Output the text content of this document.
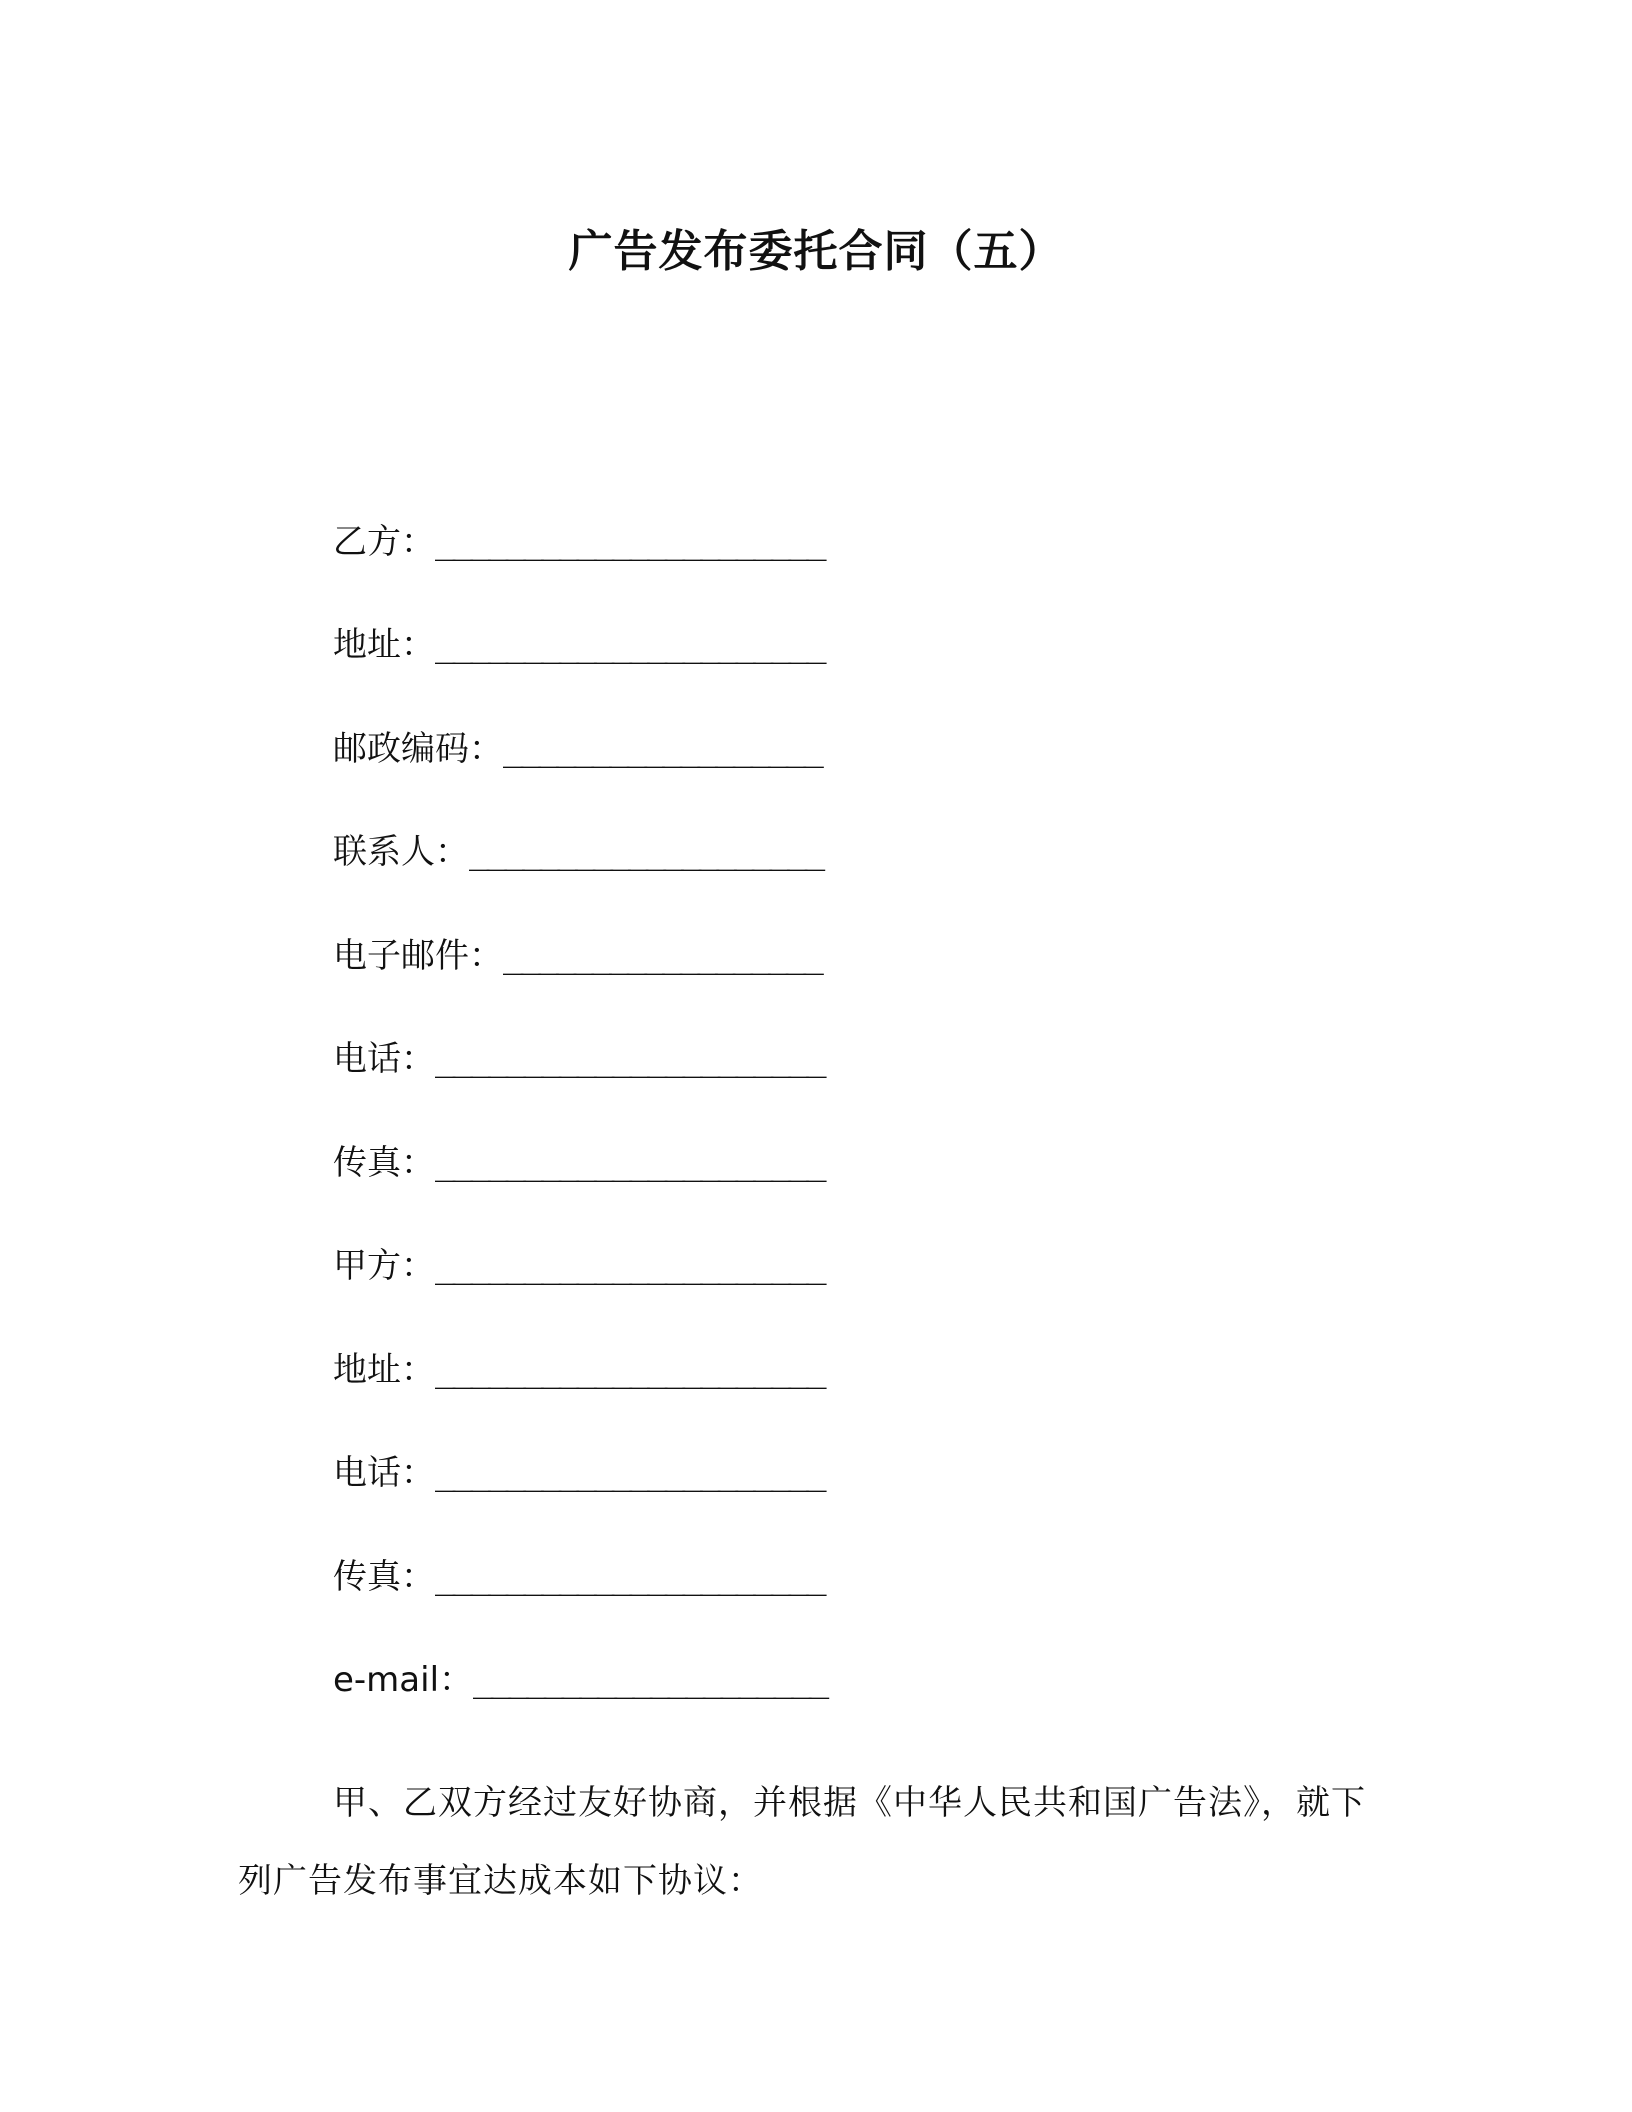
广告发布委托合同（五）
乙方： ______________________
地址： ______________________
邮政编码： __________________
联系人： ____________________
电子邮件： __________________
电话： ______________________
传真： ______________________
甲方： ______________________
地址： ______________________
电话： ______________________
传真： ______________________
e-mail： ____________________

甲、乙双方经过友好协商，并根据《中华人民共和国广告法》，就下列广告发布事宜达成本如下协议：
